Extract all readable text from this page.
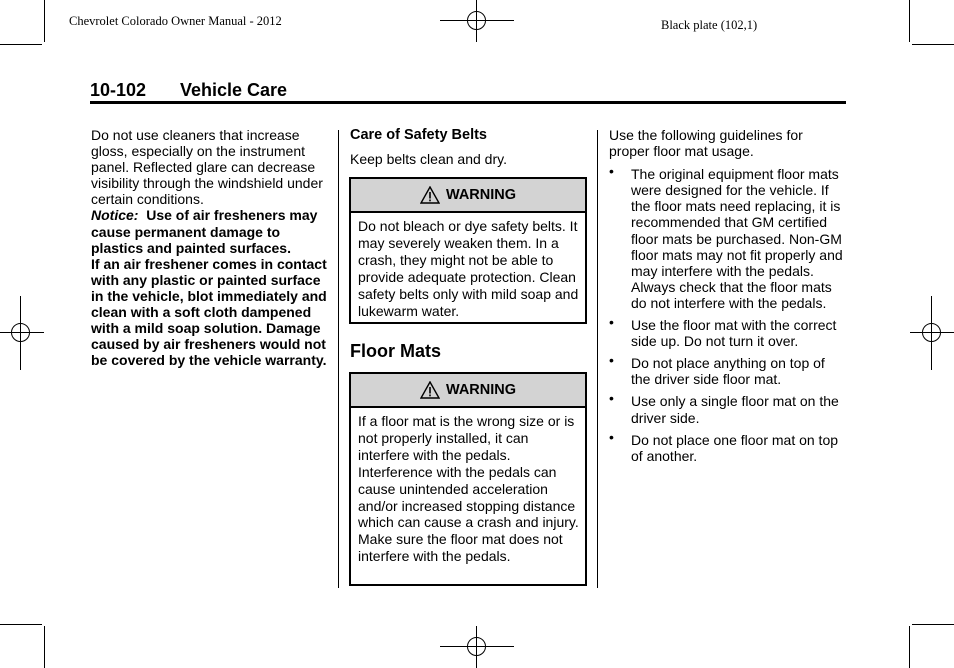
Chevrolet Colorado Owner Manual - 2012	Black plate (102,1)
10-102 Vehicle Care

Do not use cleaners that increase gloss, especially on the instrument panel. Reflected glare can decrease visibility through the windshield under certain conditions.

Notice: Use of air fresheners may cause permanent damage to plastics and painted surfaces.

If an air freshener comes in contact with any plastic or painted surface in the vehicle, blot immediately and clean with a soft cloth dampened with a mild soap solution. Damage caused by air fresheners would not be covered by the vehicle warranty.

Care of Safety Belts
Keep belts clean and dry.
WARNING
Do not bleach or dye safety belts. It may severely weaken them. In a crash, they might not be able to provide adequate protection. Clean safety belts only with mild soap and lukewarm water.
Floor Mats
WARNING
If a floor mat is the wrong size or is not properly installed, it can interfere with the pedals. Interference with the pedals can cause unintended acceleration and/or increased stopping distance which can cause a crash and injury. Make sure the floor mat does not interfere with the pedals.

Use the following guidelines for proper floor mat usage.

• The original equipment floor mats were designed for the vehicle. If the floor mats need replacing, it is recommended that GM certified floor mats be purchased. Non-GM floor mats may not fit properly and may interfere with the pedals. Always check that the floor mats do not interfere with the pedals.
• Use the floor mat with the correct side up. Do not turn it over.
• Do not place anything on top of the driver side floor mat.
• Use only a single floor mat on the driver side.
• Do not place one floor mat on top of another.
